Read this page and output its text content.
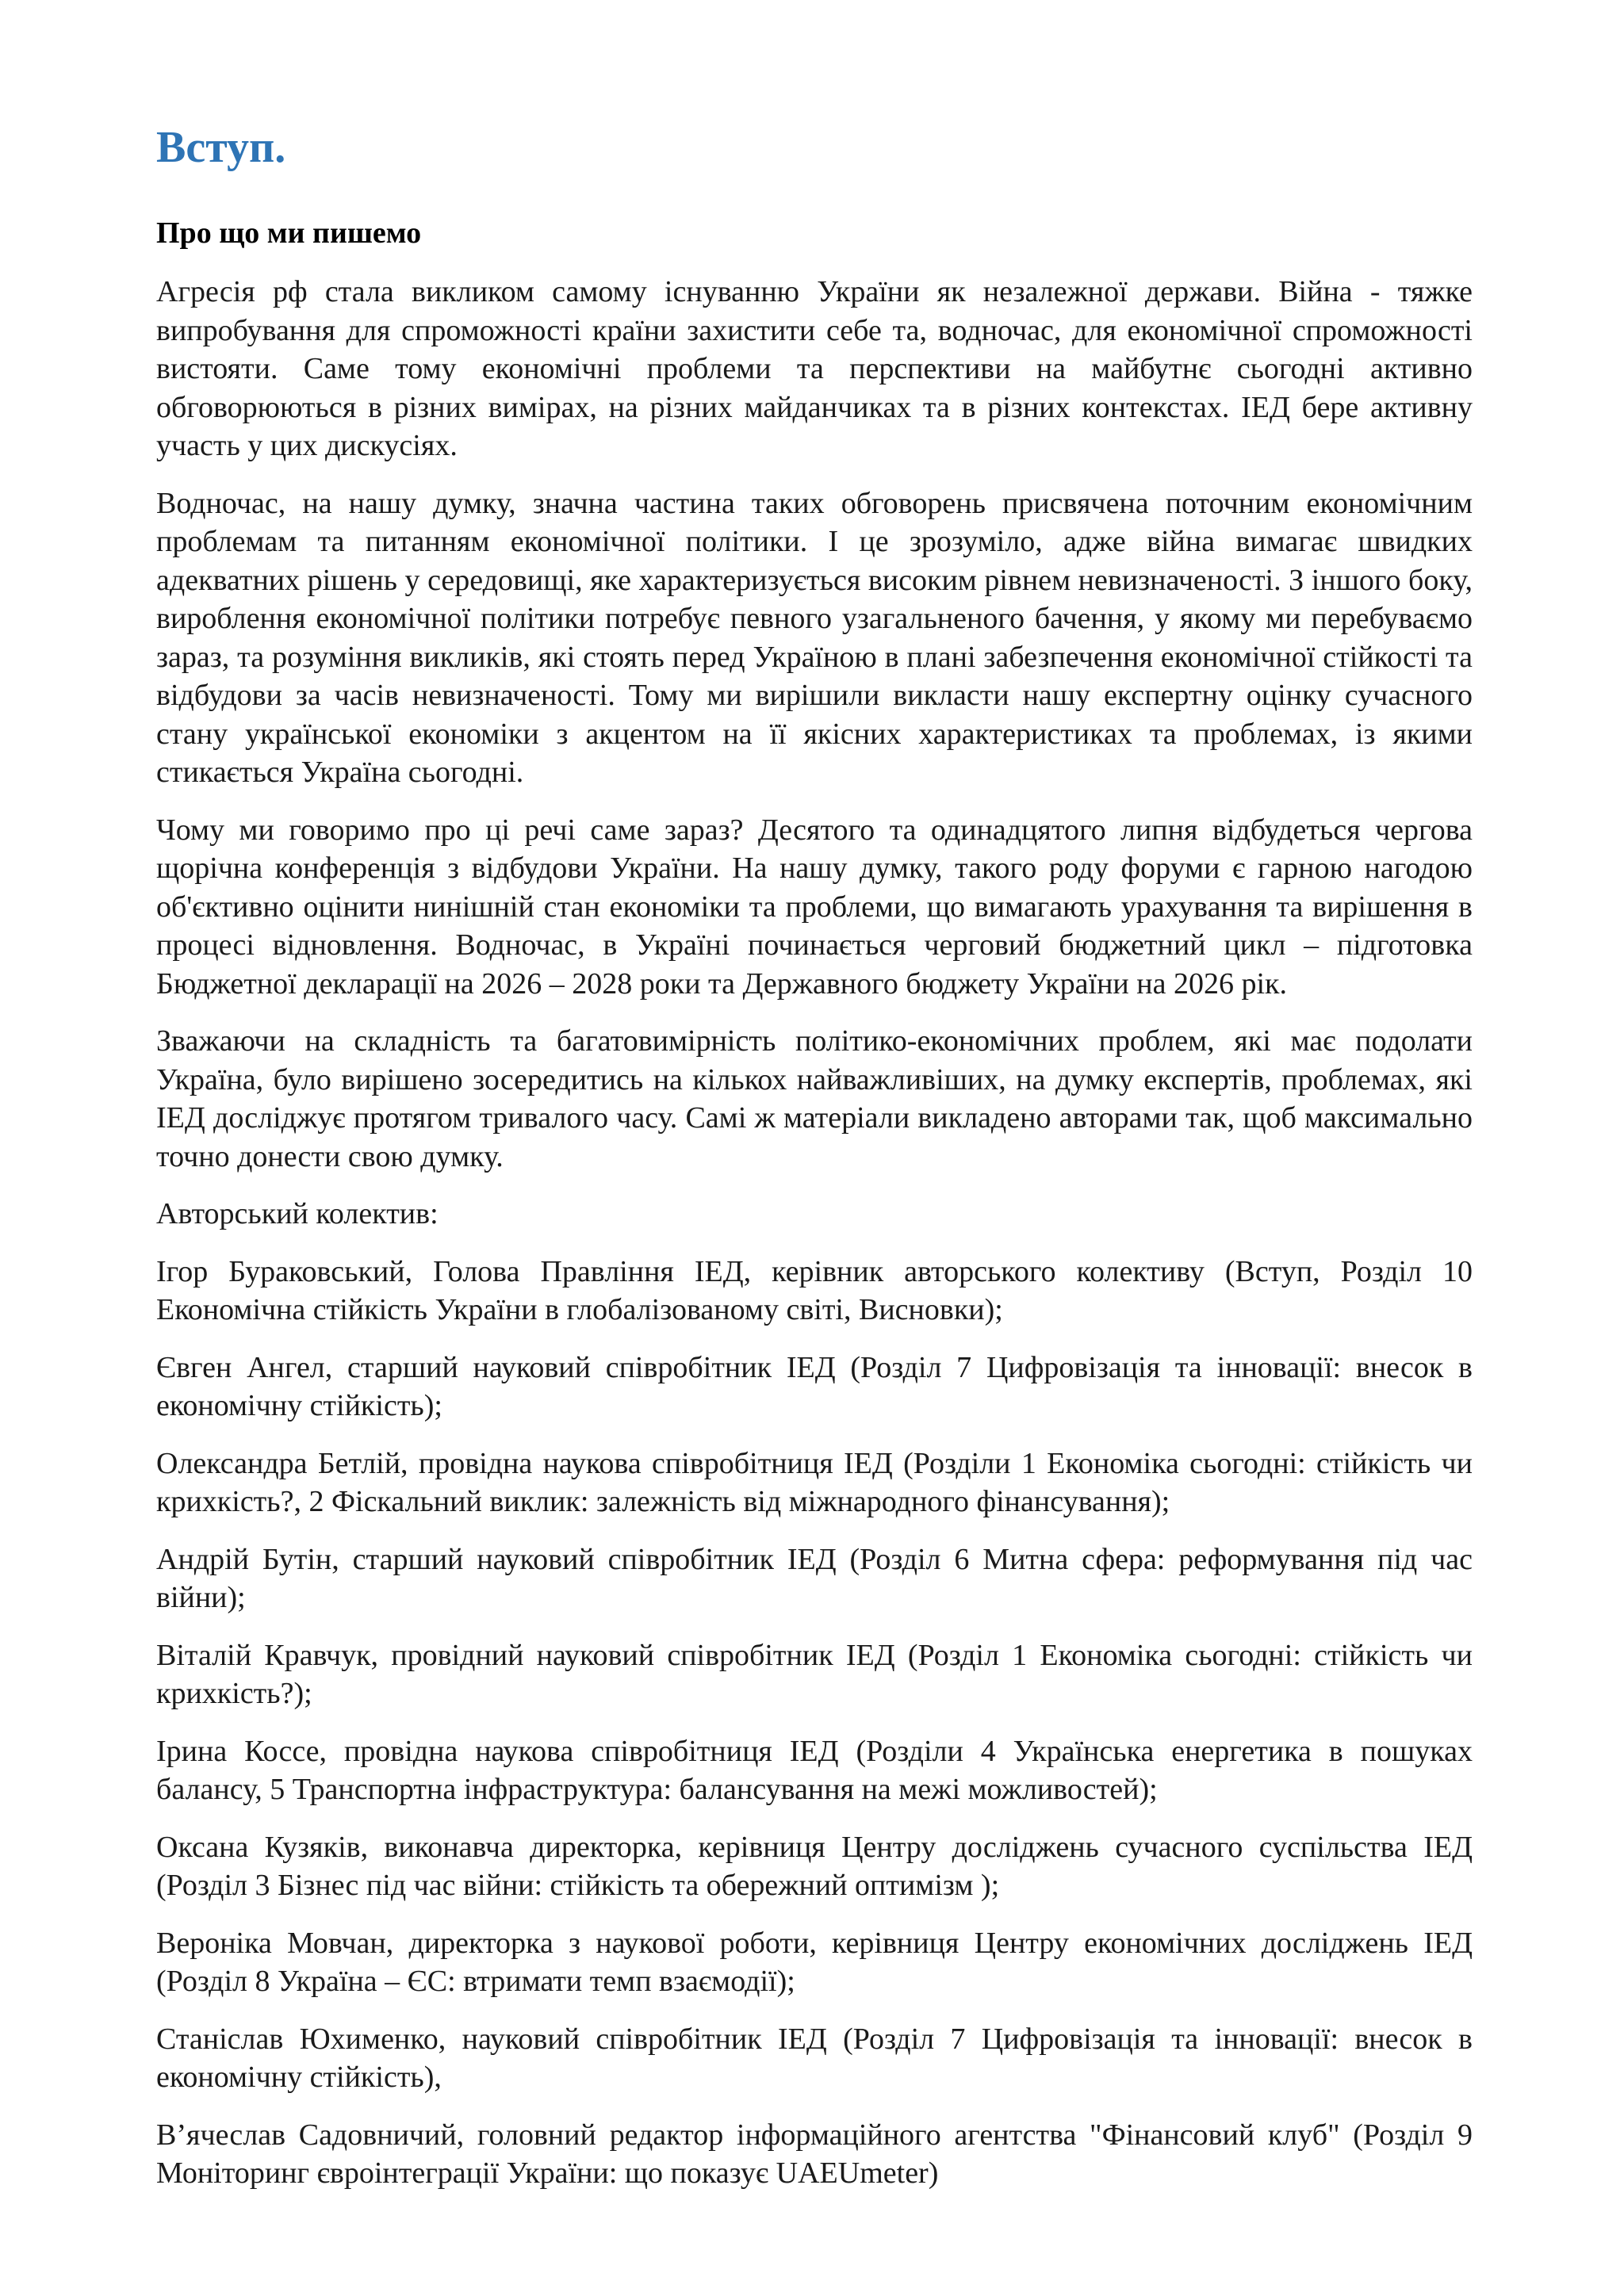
Вступ.
Про що ми пишемо

Агресія рф стала викликом самому існуванню України як незалежної держави. Війна - тяжке випробування для спроможності країни захистити себе та, водночас, для економічної спроможності вистояти. Саме тому економічні проблеми та перспективи на майбутнє сьогодні активно обговорюються в різних вимірах, на різних майданчиках та в різних контекстах. ІЕД бере активну участь у цих дискусіях.

Водночас, на нашу думку, значна частина таких обговорень присвячена поточним економічним проблемам та питанням економічної політики. І це зрозуміло, адже війна вимагає швидких адекватних рішень у середовищі, яке характеризується високим рівнем невизначеності. З іншого боку, вироблення економічної політики потребує певного узагальненого бачення, у якому ми перебуваємо зараз, та розуміння викликів, які стоять перед Україною в плані забезпечення економічної стійкості та відбудови за часів невизначеності. Тому ми вирішили викласти нашу експертну оцінку сучасного стану української економіки з акцентом на її якісних характеристиках та проблемах, із якими стикається Україна сьогодні.

Чому ми говоримо про ці речі саме зараз? Десятого та одинадцятого липня відбудеться чергова щорічна конференція з відбудови України. На нашу думку, такого роду форуми є гарною нагодою об'єктивно оцінити нинішній стан економіки та проблеми, що вимагають урахування та вирішення в процесі відновлення. Водночас, в Україні починається черговий бюджетний цикл – підготовка Бюджетної декларації на 2026 – 2028 роки та Державного бюджету України на 2026 рік.

Зважаючи на складність та багатовимірність політико-економічних проблем, які має подолати Україна, було вирішено зосередитись на кількох найважливіших, на думку експертів, проблемах, які ІЕД досліджує протягом тривалого часу. Самі ж матеріали викладено авторами так, щоб максимально точно донести свою думку.

Авторський колектив:

Ігор Бураковський, Голова Правління ІЕД, керівник авторського колективу (Вступ, Розділ 10 Економічна стійкість України в глобалізованому світі, Висновки);
Євген Ангел, старший науковий співробітник ІЕД (Розділ 7 Цифровізація та інновації: внесок в економічну стійкість);
Олександра Бетлій, провідна наукова співробітниця ІЕД (Розділи 1 Економіка сьогодні: стійкість чи крихкість?, 2 Фіскальний виклик: залежність від міжнародного фінансування);
Андрій Бутін, старший науковий співробітник ІЕД (Розділ 6 Митна сфера: реформування під час війни);
Віталій Кравчук, провідний науковий співробітник ІЕД (Розділ 1 Економіка сьогодні: стійкість чи крихкість?);
Ірина Коссе, провідна наукова співробітниця ІЕД (Розділи 4 Українська енергетика в пошуках балансу, 5 Транспортна інфраструктура: балансування на межі можливостей);
Оксана Кузяків, виконавча директорка, керівниця Центру досліджень сучасного суспільства ІЕД (Розділ 3 Бізнес під час війни: стійкість та обережний оптимізм );
Вероніка Мовчан, директорка з наукової роботи, керівниця Центру економічних досліджень ІЕД (Розділ 8 Україна – ЄС: втримати темп взаємодії);
Станіслав Юхименко, науковий співробітник ІЕД (Розділ 7 Цифровізація та інновації: внесок в економічну стійкість),
В’ячеслав Садовничий, головний редактор інформаційного агентства "Фінансовий клуб" (Розділ 9 Моніторинг євроінтеграції України: що показує UAEUmeter)
